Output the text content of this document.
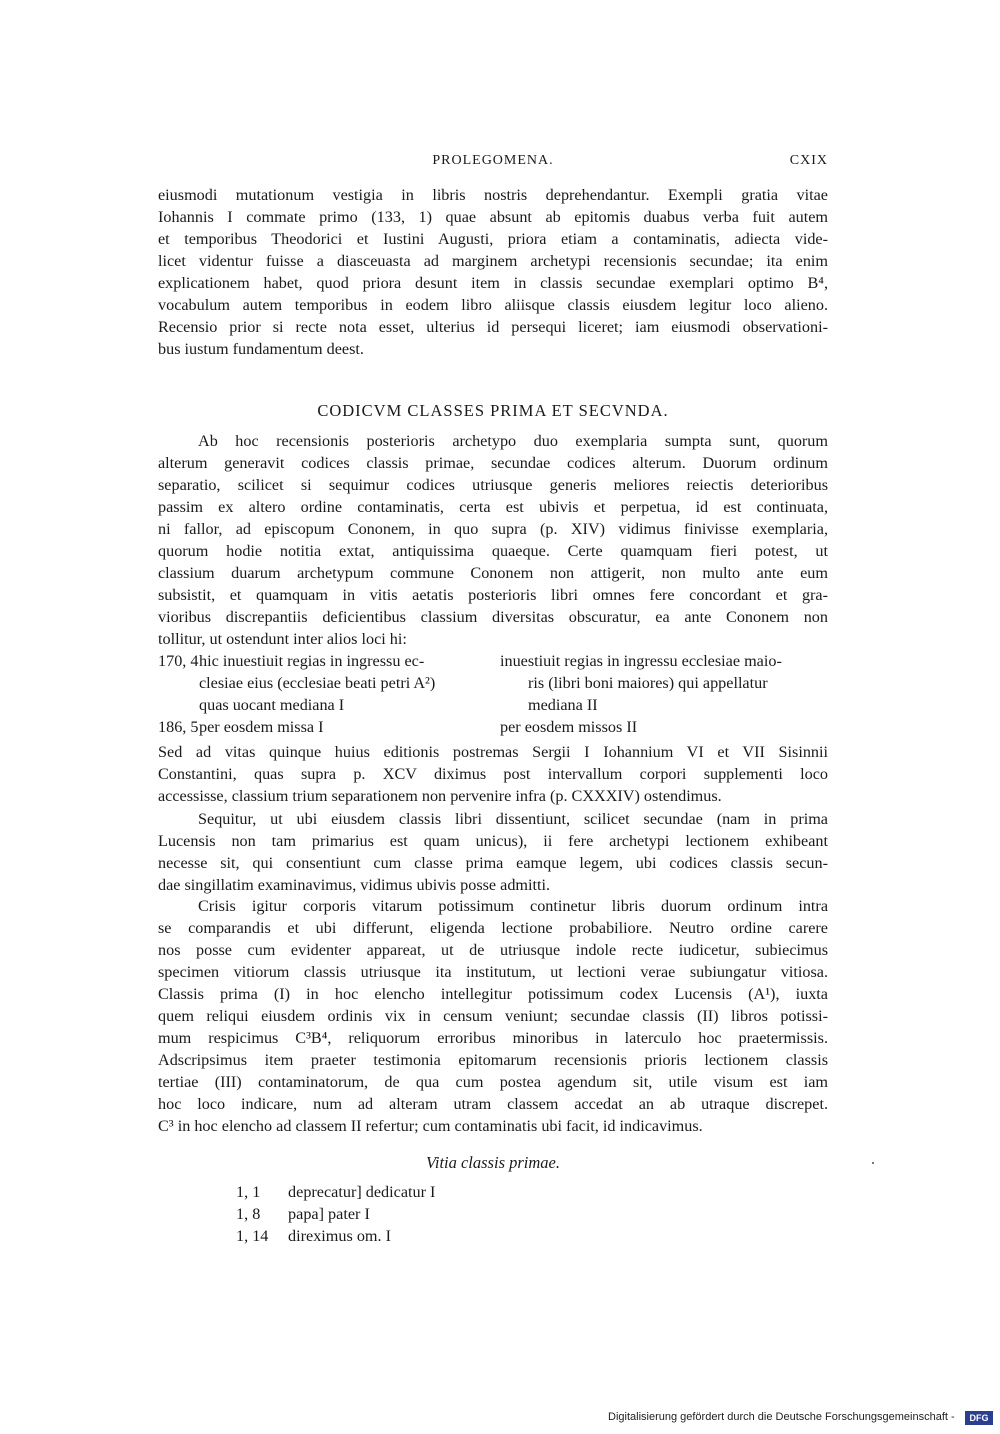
PROLEGOMENA.	CXIX
eiusmodi mutationum vestigia in libris nostris deprehendantur. Exempli gratia vitae
Iohannis I commate primo (133, 1) quae absunt ab epitomis duabus verba fuit autem
et temporibus Theodorici et Iustini Augusti, priora etiam a contaminatis, adiecta vide-
licet videntur fuisse a diasceuasta ad marginem archetypi recensionis secundae; ita enim
explicationem habet, quod priora desunt item in classis secundae exemplari optimo B⁴,
vocabulum autem temporibus in eodem libro aliisque classis eiusdem legitur loco alieno.
Recensio prior si recte nota esset, ulterius id persequi liceret; iam eiusmodi observationi-
bus iustum fundamentum deest.
CODICVM CLASSES PRIMA ET SECVNDA.
Ab hoc recensionis posterioris archetypo duo exemplaria sumpta sunt, quorum
alterum generavit codices classis primae, secundae codices alterum. Duorum ordinum
separatio, scilicet si sequimur codices utriusque generis meliores reiectis deterioribus
passim ex altero ordine contaminatis, certa est ubivis et perpetua, id est continuata,
ni fallor, ad episcopum Cononem, in quo supra (p. XIV) vidimus finivisse exemplaria,
quorum hodie notitia extat, antiquissima quaeque. Certe quamquam fieri potest, ut
classium duarum archetypum commune Cononem non attigerit, non multo ante eum
subsistit, et quamquam in vitis aetatis posterioris libri omnes fere concordant et gra-
vioribus discrepantiis deficientibus classium diversitas obscuratur, ea ante Cononem non
tollitur, ut ostendunt inter alios loci hi:
170, 4 hic inuestiuit regias in ingressu ec-	inuestiuit regias in ingressu ecclesiae maio-
clesiae eius (ecclesiae beati petri A²)	ris (libri boni maiores) qui appellatur
quas uocant mediana I	mediana II
186, 5 per eosdem missa I	per eosdem missos II
Sed ad vitas quinque huius editionis postremas Sergii I Iohannium VI et VII Sisinnii
Constantini, quas supra p. XCV diximus post intervallum corpori supplementi loco
accessisse, classium trium separationem non pervenire infra (p. CXXXIV) ostendimus.
Sequitur, ut ubi eiusdem classis libri dissentiunt, scilicet secundae (nam in prima
Lucensis non tam primarius est quam unicus), ii fere archetypi lectionem exhibeant
necesse sit, qui consentiunt cum classe prima eamque legem, ubi codices classis secun-
dae singillatim examinavimus, vidimus ubivis posse admitti.
Crisis igitur corporis vitarum potissimum continetur libris duorum ordinum intra
se comparandis et ubi differunt, eligenda lectione probabiliore. Neutro ordine carere
nos posse cum evidenter appareat, ut de utriusque indole recte iudicetur, subiecimus
specimen vitiorum classis utriusque ita institutum, ut lectioni verae subiungatur vitiosa.
Classis prima (I) in hoc elencho intellegitur potissimum codex Lucensis (A¹), iuxta
quem reliqui eiusdem ordinis vix in censum veniunt; secundae classis (II) libros potissi-
mum respicimus C³B⁴, reliquorum erroribus minoribus in laterculo hoc praetermissis.
Adscripsimus item praeter testimonia epitomarum recensionis prioris lectionem classis
tertiae (III) contaminatorum, de qua cum postea agendum sit, utile visum est iam
hoc loco indicare, num ad alteram utram classem accedat an ab utraque discrepet.
C³ in hoc elencho ad classem II refertur; cum contaminatis ubi facit, id indicavimus.
Vitia classis primae.
1, 1 deprecatur] dedicatur I
1, 8 papa] pater I
1, 14 direximus om. I
Digitalisierung gefördert durch die Deutsche Forschungsgemeinschaft -	DFG
